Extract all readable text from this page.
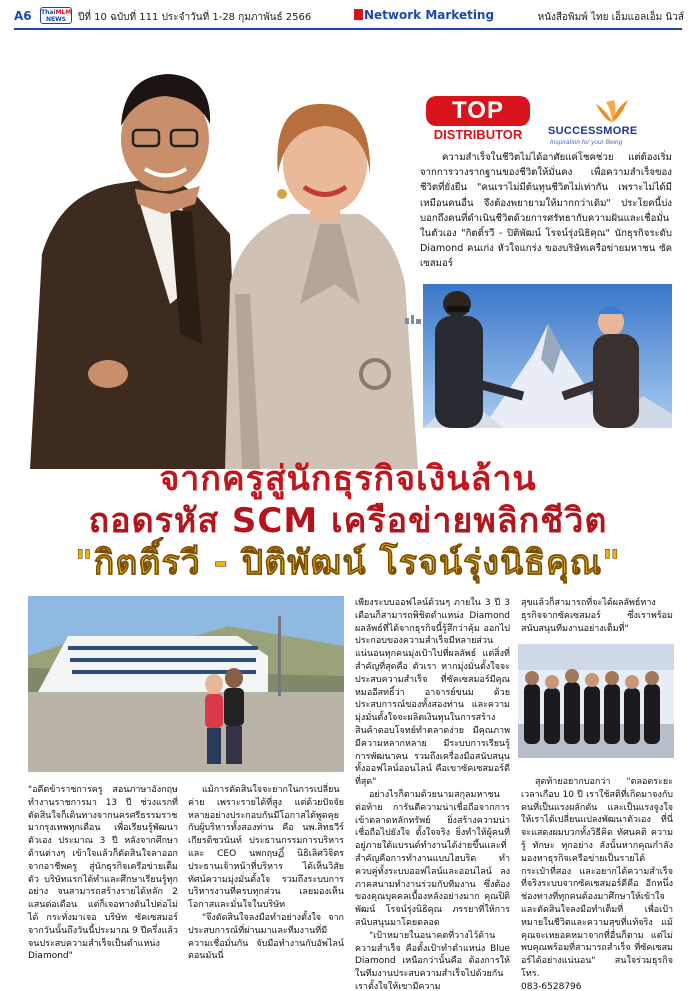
A6 ThaiMLM
NEWS	ปีที่ 10 ฉบับที่ 111 ประจำวันที่ 1-28 กุมภาพันธ์ 2566	Network Marketing	หนังสือพิมพ์ ไทย เอ็มแอลเอ็ม นิวส์
TOP
DISTRIBUTOR	SUCCESSMORE
Inspiration for your Being

ความสำเร็จในชีวิตไม่ได้อาศัยแค่โชคช่วย แต่ต้องเริ่มจากการวางรากฐานของชีวิตให้มั่นคง เพื่อความสำเร็จของชีวิตที่ยั่งยืน "คนเราไม่มีต้นทุนชีวิตไม่เท่ากัน เพราะไม่ได้มีเหมือนคนอื่น จึงต้องพยายามให้มากกว่าเดิม" ประโยคนี้บ่งบอกถึงคนที่ดำเนินชีวิตด้วยการศรัทธากับความฝันและเชื่อมั่นในตัวเอง "กิตติ์รวี - ปิติพัฒน์ โรจน์รุ่งนิธิคุณ" นักธุรกิจระดับ Diamond คนเก่ง หัวใจแกร่ง ของบริษัทเครือข่ายมหาชน ซัคเซสมอร์

จากครูสู่นักธุรกิจเงินล้าน
ถอดรหัส SCM เครือข่ายพลิกชีวิต
"กิตติ์รวี - ปิติพัฒน์ โรจน์รุ่งนิธิคุณ"

"อดีตข้าราชการครู สอนภาษาอังกฤษ ทำงานราชการมา 13 ปี ช่วงแรกที่ตัดสินใจก็เดินทางจากนครศรีธรรมราชมากรุงเทพทุกเดือน เพื่อเรียนรู้พัฒนาตัวเอง ประมาณ 3 ปี หลังจากศึกษาด้านต่างๆ เข้าใจแล้วก็ตัดสินใจลาออกจากอาชีพครู สู่นักธุรกิจเครือข่ายเต็มตัว บริษัทแรกได้ทำและศึกษาเรียนรู้ทุกอย่าง จนสามารถสร้างรายได้หลัก 2 แสนต่อเดือน แต่ก็เจอทางตันไปต่อไม่ได้ กระทั่งมาเจอ บริษัท ซัคเซสมอร์ จากวันนั้นถึงวันนี้ประมาณ 9 ปีครึ่งแล้ว จนประสบความสำเร็จเป็นตำแหน่ง Diamond"

แม้การตัดสินใจจะยากในการเปลี่ยนค่าย เพราะรายได้ที่สูง แต่ด้วยปัจจัยหลายอย่างประกอบกันมีโอกาสได้พูดคุยกับผู้บริหารทั้งสองท่าน คือ นพ.สิทธวีร์ เกียรติชวนันท์ ประธานกรรมการบริหาร และ CEO นพกฤษฏิ์ นิธิเลิศวิจิตร ประธานเจ้าหน้าที่บริหาร ได้เห็นวิสัยทัศน์ความมุ่งมั่นตั้งใจ รวมถึงระบบการบริหารงานที่ครบทุกส่วน เลยมองเห็นโอกาสและมั่นใจในบริษัท

"จึงตัดสินใจลงมือทำอย่างตั้งใจ จากประสบการณ์ที่ผ่านมาและทีมงานที่มีความเชื่อมั่นกัน จับมือทำงานกับอัพไลน์ ดอนมันนี่

เพียงระบบออฟไลน์ด้วนๆ ภายใน 3 ปี 3 เดือนก็สามารถพิชิตตำแหน่ง Diamond ผลลัพธ์ที่ได้จากธุรกิจนี้รู้สึกว่าคุ้ม ออกไปประกอบของความสำเร็จมีหลายส่วน แน่นอนทุกคนมุ่งเป้าไปที่ผลลัพธ์ แต่สิ่งที่สำคัญที่สุดคือ ตัวเรา หากมุ่งมั่นตั้งใจจะประสบความสำเร็จ ที่ซัคเซสมอร์มีคุณหมออีสทธิ์ว่า อาจารย์ขนม ด้วยประสบการณ์ของทั้งสองท่าน และความมุ่งมั่นตั้งใจจะผลิตเงินทุนในการสร้างสินค้าตอบโจทย์ทำตลาดง่าย มีคุณภาพ มีความหลากหลาย มีระบบการเรียนรู้การพัฒนาคน รวมถึงเครื่องมือสนับสนุนทั้งออฟไลน์ออนไลน์ คือเขาซัคเซสมอร์ดีที่สุด"

อย่างไรก็ตามด้วยนามสกุลมหาชนต่อท้าย การันตีความน่าเชื่อถือจากการเข้าตลาดหลักทรัพย์ ยิ่งสร้างความน่าเชื่อถือไปยังใจ ตั้งใจจริง ยิ่งทำให้ผู้คนที่อยู่ภายใต้แบรนด์ทำงานได้ง่ายขึ้นและที่สำคัญคือการทำงานแบบไฮบริด ทำควบคู่ทั้งระบบออฟไลน์และออนไลน์ ลงภาคสนามทำงานร่วมกับทีมงาน ซึ่งต้องของคุณบุคคลเบื้องหลังอย่างมาก คุณปิติพัฒน์ โรจน์รุ่งนิธิคุณ ภรรยาที่ให้การสนับสนุนมาโดยตลอด

"เป้าหมายในอนาคตที่วางไว้ด้านความสำเร็จ คือตั้งเป้าทำตำแหน่ง Blue Diamond เหนือกว่านั้นคือ ต้องการให้ในทีมงานประสบความสำเร็จไปด้วยกัน เราตั้งใจให้เขามีความ

สุขแล้วก็สามารถที่จะได้ผลลัพธ์ทางธุรกิจจากซัคเซสมอร์ ซึ่งเราพร้อมสนับสนุนทีมงานอย่างเต็มที่"

สุดท้ายอยากบอกว่า "ตลอดระยะเวลาเกือบ 10 ปี เราใช้สติที่เกิดมาจงกับคนที่เป็นแรงผลักดัน และเป็นแรงจูงใจให้เราได้เปลี่ยนแปลงพัฒนาตัวเอง ที่นี่จะแสดงผมบวกทั้งวิธีคิด ทัศนคติ ความรู้ ทักษะ ทุกอย่าง ลังนั้นหากคุณกำลังมองหาธุรกิจเครือข่ายเป็นรายได้กระเป๋าที่สอง และอยากได้ความสำเร็จที่จริงระบบจากซัคเซสมอร์ดีคือ อีกหนึ่งช่องทางที่ทุกคนต้องมาศึกษาให้เข้าใจ และตัดสินใจลงมือทำเต็มที่ เพื่อเป้าหมายในชีวิตและความสุขที่แท้จริง แม้คุณจะเหยอคหมาจากที่อื่นก็ตาม แต่ไม่พบคุณพร้อมที่สามารถสำเร็จ ที่ซัคเซสมอร์ได้อย่างแน่นอน" สนใจร่วมธุรกิจ โทร.

083-6528796
